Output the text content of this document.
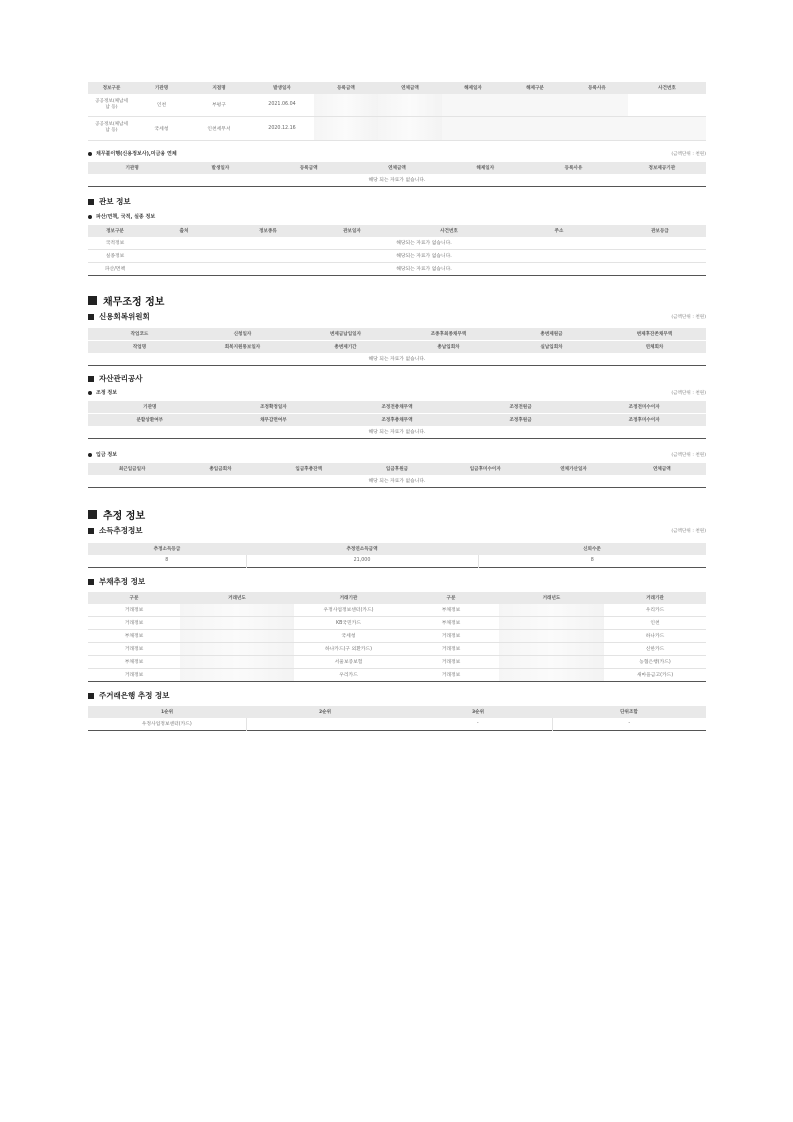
정보구분	기관명	지점명	발생일자	등록금액	연체금액	해제일자	해제구분	등록사유	사건번호
공공정보(체납세
납 등)	인천	부평구	2021.06.04						
공공정보(체납세
납 등)	국세청	인천세무서	2020.12.16						
채무불이행(신용정보사),미금융 연체	(금액단위 : 천원)
기관명	발생일자	등록금액	연체금액	해제일자	등록사유	정보제공기관
해당 되는 자료가 없습니다.
관보 정보
파산/면책, 국적, 실종 정보
정보구분	출처	정보종류	관보일자	사건번호	주소	관보등급
국적정보	해당되는 자료가 없습니다.					
실종정보	해당되는 자료가 없습니다.					
파산/면책	해당되는 자료가 없습니다.					
채무조정 정보
신용회복위원회	(금액단위 : 천원)
작업코드	신청일자	변제금납입일자	조종후최종채무액	총변제원금	변제후잔존채무액
작업명	회복지원통보일자	총변제기간	총납입회차	실납입회차	연체회차
해당 되는 자료가 없습니다.					
자산관리공사
조정 정보	(금액단위 : 천원)
기관명	조정확정일자	조정전총채무액	조정전원금	조정전미수이자
분할상환여부	채무감면여부	조정후총채무액	조정후원금	조정후미수이자
해당 되는 자료가 없습니다.				
입금 정보	(금액단위 : 천원)
최근입금일자	총입금회차	입금후총잔액	입금후원금	입금후미수이자	연체가산일자	연체금액
해당 되는 자료가 없습니다.
추정 정보
소득추정정보	(금액단위 : 천원)
추정소득등급	추정연소득금액	신뢰수준
8	21,000	8
부채추정 정보
구분	거래년도	거래기관	구분	거래년도	거래기관
거래정보		우정사업정보센터(카드)	부채정보		우리카드
거래정보		KB국민카드	부채정보		인천
부채정보		국세청	거래정보		하나카드
거래정보		하나카드(구 외환카드)	거래정보		신한카드
부채정보		서울보증보험	거래정보		농협은행(카드)
거래정보		우리카드	거래정보		새마을금고(카드)
주거래은행 추정 정보
1순위	2순위	3순위	단위조합
우정사업정보센터(카드)		-	-
